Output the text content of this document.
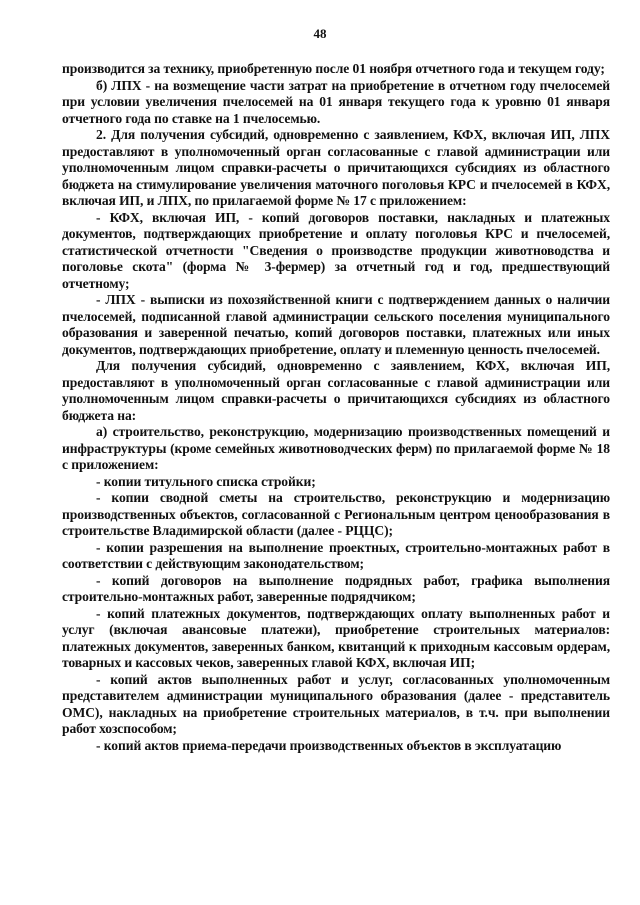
48

производится за технику, приобретенную после 01 ноября отчетного года и текущем году;

б) ЛПХ - на возмещение части затрат на приобретение в отчетном году пчелосемей при условии увеличения пчелосемей на 01 января текущего года к уровню 01 января отчетного года по ставке на 1 пчелосемью.

2. Для получения субсидий, одновременно с заявлением, КФХ, включая ИП, ЛПХ предоставляют в уполномоченный орган согласованные с главой администрации или уполномоченным лицом справки-расчеты о причитающихся субсидиях из областного бюджета на стимулирование увеличения маточного поголовья КРС и пчелосемей в КФХ, включая ИП, и ЛПХ, по прилагаемой форме № 17 с приложением:

- КФХ, включая ИП, - копий договоров поставки, накладных и платежных документов, подтверждающих приобретение и оплату поголовья КРС и пчелосемей, статистической отчетности "Сведения о производстве продукции животноводства и поголовье скота" (форма № 3-фермер) за отчетный год и год, предшествующий отчетному;

- ЛПХ - выписки из похозяйственной книги с подтверждением данных о наличии пчелосемей, подписанной главой администрации сельского поселения муниципального образования и заверенной печатью, копий договоров поставки, платежных или иных документов, подтверждающих приобретение, оплату и племенную ценность пчелосемей.

Для получения субсидий, одновременно с заявлением, КФХ, включая ИП, предоставляют в уполномоченный орган согласованные с главой администрации или уполномоченным лицом справки-расчеты о причитающихся субсидиях из областного бюджета на:

а) строительство, реконструкцию, модернизацию производственных помещений и инфраструктуры (кроме семейных животноводческих ферм) по прилагаемой форме № 18 с приложением:

- копии титульного списка стройки;

- копии сводной сметы на строительство, реконструкцию и модернизацию производственных объектов, согласованной с Региональным центром ценообразования в строительстве Владимирской области (далее - РЦЦС);

- копии разрешения на выполнение проектных, строительно-монтажных работ в соответствии с действующим законодательством;

- копий договоров на выполнение подрядных работ, графика выполнения строительно-монтажных работ, заверенные подрядчиком;

- копий платежных документов, подтверждающих оплату выполненных работ и услуг (включая авансовые платежи), приобретение строительных материалов: платежных документов, заверенных банком, квитанций к приходным кассовым ордерам, товарных и кассовых чеков, заверенных главой КФХ, включая ИП;

- копий актов выполненных работ и услуг, согласованных уполномоченным представителем администрации муниципального образования (далее - представитель ОМС), накладных на приобретение строительных материалов, в т.ч. при выполнении работ хозспособом;

- копий актов приема-передачи производственных объектов в эксплуатацию
